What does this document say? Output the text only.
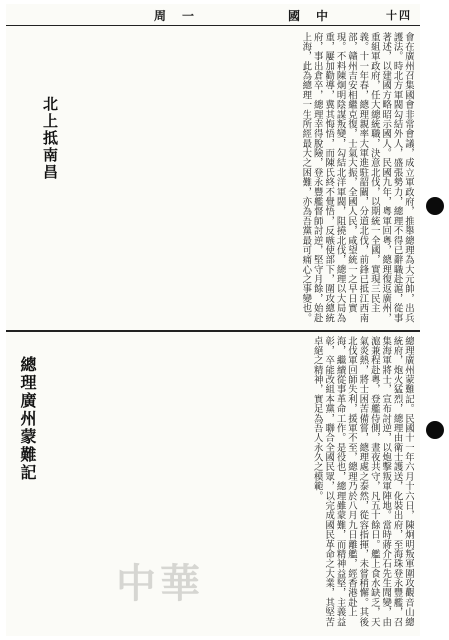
周　一	國　中	十四
會在廣州召集國會非常會議，成立軍政府，推舉總理為大元帥，出兵護法。時北方軍閥勾結外人，盛張勢力，總理不得已辭職赴滬，從事著述，以建國方略昭示國人。民國九年，粵軍回粵，總理復返廣州，重組軍政府，任大總統職，決意北伐，以期統一全國，實現三民主義。十一年春，總理親率大軍進駐韶關，分道北伐，前鋒已抵江西南部，贛州吉安相繼克復，士氣大振，全國人民，咸望統一之早日實現。不料陳炯明陰謀叛變，勾結北洋軍閥，阻撓北伐，總理以大局為重，屢加勸導，冀其悔悟，而陳氏終不覺悟，反嗾使部下，圍攻總統府，事出倉卒，總理幸得脫險，登永豐艦督師討逆，堅守月餘，始赴上海，此為總理一生所經最大之困難，亦為吾黨最可痛心之事變也。
北上抵南昌
總理廣州蒙難記。民國十一年六月十六日，陳炯明叛軍圍攻觀音山總統府，炮火猛烈，總理由衛士護送，化裝出府，至海珠登永豐艦，召集海軍將士，宣布討逆，以炮擊叛軍陣地。當時蔣介石先生聞變，由滬兼程赴粵，登艦侍側，晝夜共守，凡五十餘日。艦上食水缺乏，天氣炎熱，將士困苦備嘗，總理處之泰然，從容指揮，未嘗稍懈。其後北伐軍回師失利，援軍不至，總理乃於八月九日離艦，經香港赴上海，繼續從事革命工作。是役也，總理雖蒙難，而精神益堅，主義益彰，卒能改組本黨，聯合全國民眾，以完成國民革命之大業，其堅苦卓絕之精神，實足為吾人永久之模範。
總理廣州蒙難記
中華
